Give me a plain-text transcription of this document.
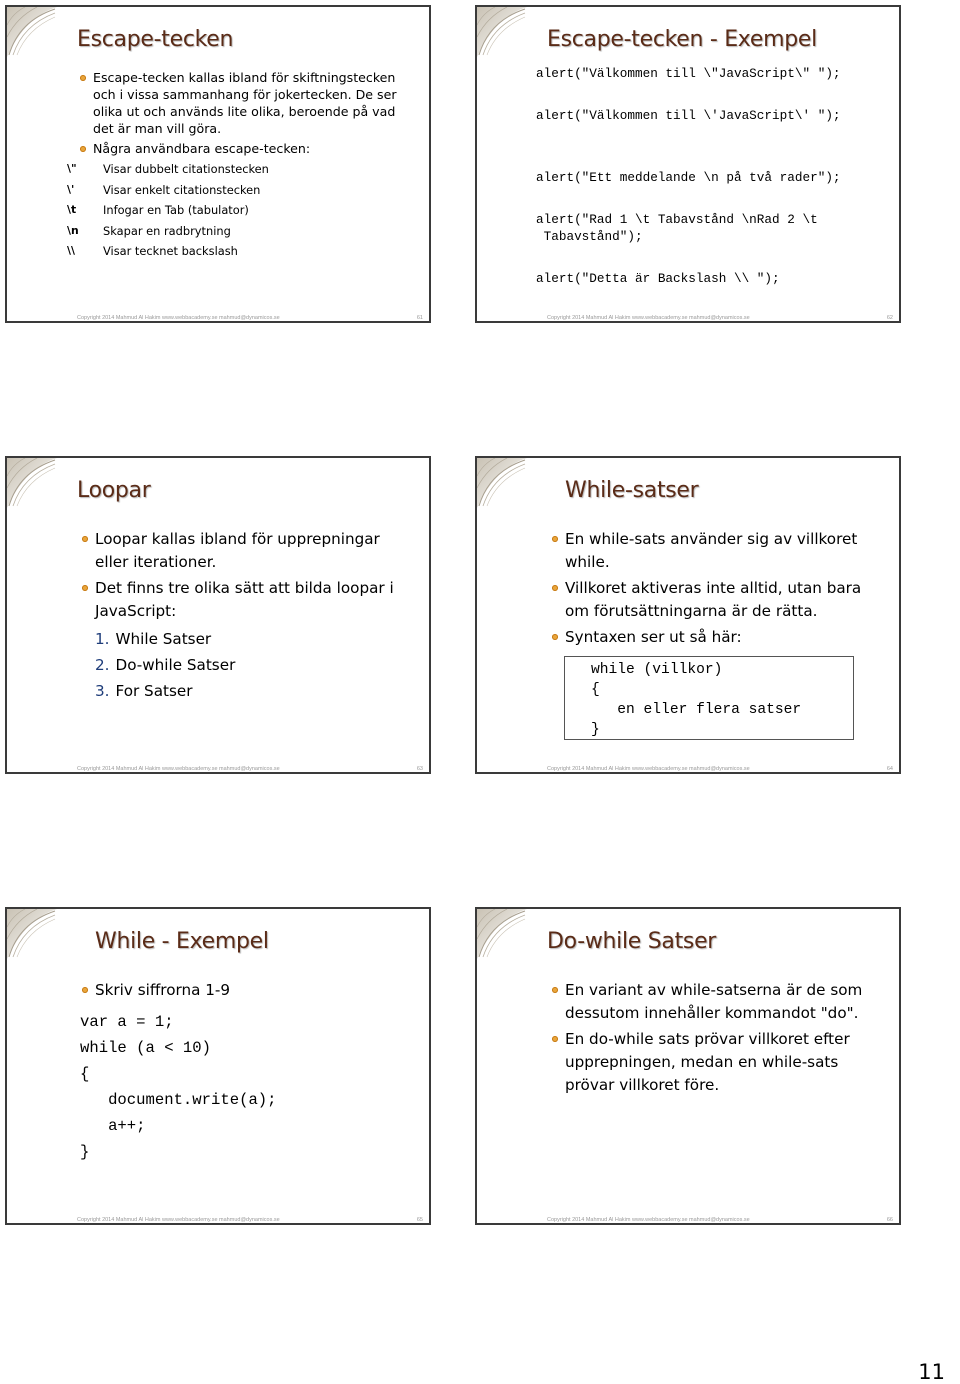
Escape-tecken
Escape-tecken kallas ibland för skiftningstecken och i vissa sammanhang för jokertecken. De ser olika ut och används lite olika, beroende på vad det är man vill göra.
Några användbara escape-tecken:
\"	Visar dubbelt citationstecken
\'	Visar enkelt citationstecken
\t	Infogar en Tab (tabulator)
\n	Skapar en radbrytning
\\	Visar tecknet backslash
Copyright 2014 Mahmud Al Hakim www.webbacademy.se mahmud@dynamicos.se	61
Escape-tecken - Exempel
alert("Välkommen till \"JavaScript\" ");
alert("Välkommen till \'JavaScript\' ");
alert("Ett meddelande \n på två rader");
alert("Rad 1 \t Tabavstånd \nRad 2 \t
Tabavstånd");
alert("Detta är Backslash \\ ");
Copyright 2014 Mahmud Al Hakim www.webbacademy.se mahmud@dynamicos.se	62
Loopar
Loopar kallas ibland för upprepningar eller iterationer.
Det finns tre olika sätt att bilda loopar i JavaScript:
1. While Satser
2. Do-while Satser
3. For Satser
Copyright 2014 Mahmud Al Hakim www.webbacademy.se mahmud@dynamicos.se	63
While-satser
En while-sats använder sig av villkoret while.
Villkoret aktiveras inte alltid, utan bara om förutsättningarna är de rätta.
Syntaxen ser ut så här:
while (villkor)
{
en eller flera satser
}
Copyright 2014 Mahmud Al Hakim www.webbacademy.se mahmud@dynamicos.se	64
While - Exempel
Skriv siffrorna 1-9
var a = 1;
while (a < 10)
{
document.write(a);
a++;
}
Copyright 2014 Mahmud Al Hakim www.webbacademy.se mahmud@dynamicos.se	65
Do-while Satser
En variant av while-satserna är de som dessutom innehåller kommandot "do".
En do-while sats prövar villkoret efter upprepningen, medan en while-sats prövar villkoret före.
Copyright 2014 Mahmud Al Hakim www.webbacademy.se mahmud@dynamicos.se	66
11
